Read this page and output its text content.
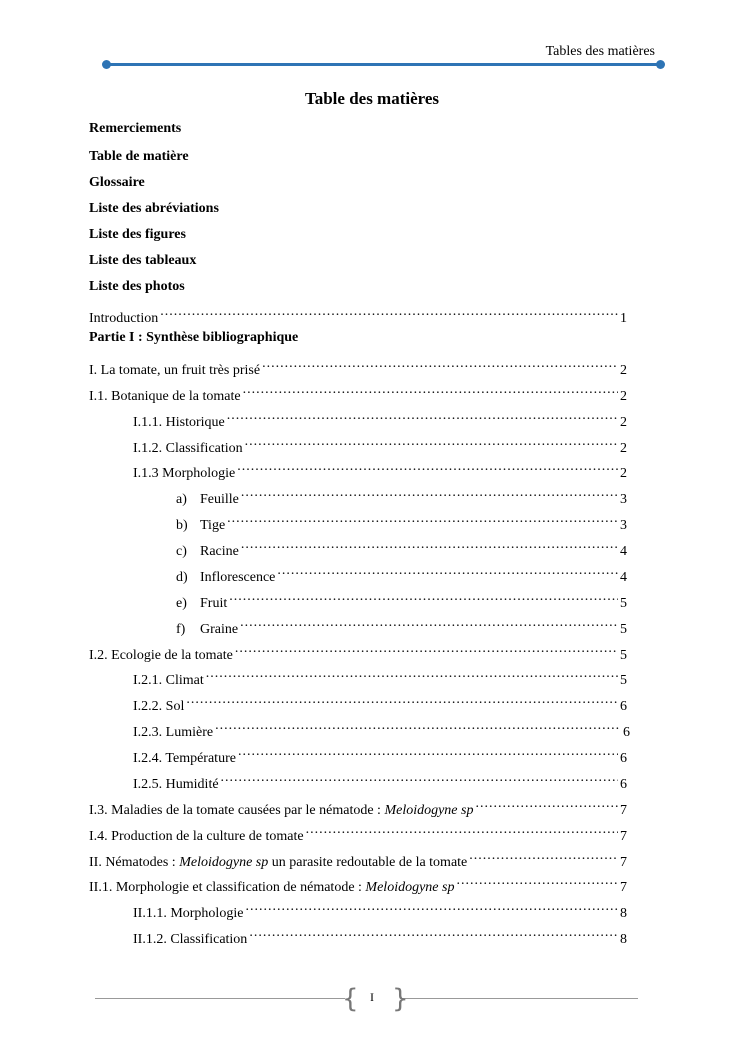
Tables des matières
Table des matières
Remerciements
Table de matière
Glossaire
Liste des abréviations
Liste des figures
Liste des tableaux
Liste des photos
Introduction .....	1
Partie I : Synthèse bibliographique
I. La tomate, un fruit très prisé .....	2
I.1. Botanique de la tomate .....	2
I.1.1. Historique .....	2
I.1.2. Classification .....	2
I.1.3 Morphologie .....	2
a) Feuille .....	3
b) Tige .....	3
c) Racine .....	4
d) Inflorescence .....	4
e) Fruit .....	5
f)	Graine .....	5
I.2. Ecologie de la tomate .....	5
I.2.1. Climat .....	5
I.2.2. Sol .....	6
I.2.3. Lumière .....	6
I.2.4. Température .....	6
I.2.5. Humidité .....	6
I.3. Maladies de la tomate causées par le nématode : Meloidogyne sp .....	7
I.4. Production de la culture de tomate .....	7
II. Nématodes : Meloidogyne sp un parasite redoutable de la tomate .....	7
II.1. Morphologie et classification de nématode : Meloidogyne sp .....	7
II.1.1. Morphologie .....	8
II.1.2. Classification .....	8
{ }
I
